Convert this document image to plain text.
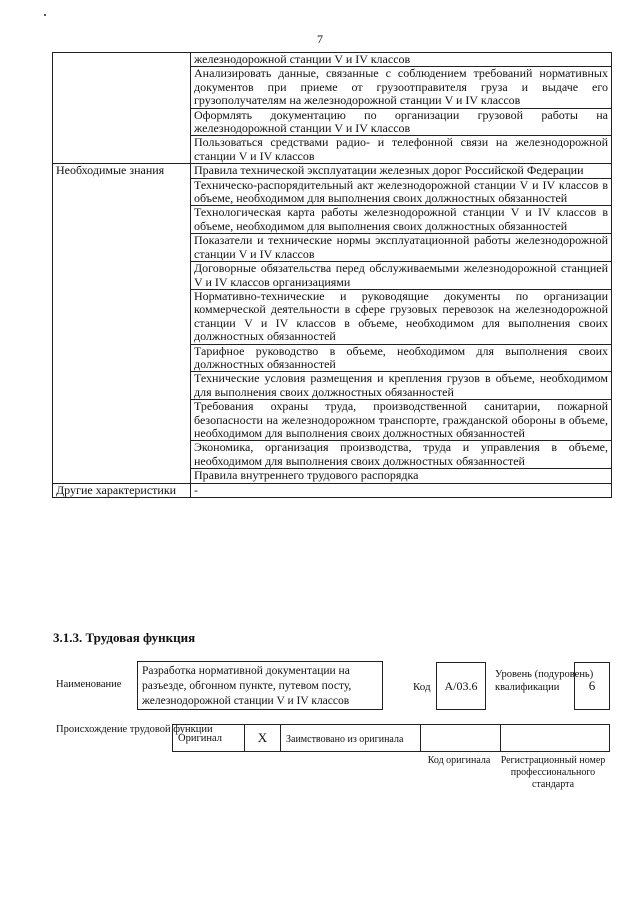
7
	железнодорожной станции V и IV классов
	Анализировать данные, связанные с соблюдением требований нормативных документов при приеме от грузоотправителя груза и выдаче его грузополучателям на железнодорожной станции V и IV классов
	Оформлять документацию по организации грузовой работы на железнодорожной станции V и IV классов
	Пользоваться средствами радио- и телефонной связи на железнодорожной станции V и IV классов
Необходимые знания	Правила технической эксплуатации железных дорог Российской Федерации
	Техническо-распорядительный акт железнодорожной станции V и IV классов в объеме, необходимом для выполнения своих должностных обязанностей
	Технологическая карта работы железнодорожной станции V и IV классов в объеме, необходимом для выполнения своих должностных обязанностей
	Показатели и технические нормы эксплуатационной работы железнодорожной станции V и IV классов
	Договорные обязательства перед обслуживаемыми железнодорожной станцией V и IV классов организациями
	Нормативно-технические и руководящие документы по организации коммерческой деятельности в сфере грузовых перевозок на железнодорожной станции V и IV классов в объеме, необходимом для выполнения своих должностных обязанностей
	Тарифное руководство в объеме, необходимом для выполнения своих должностных обязанностей
	Технические условия размещения и крепления грузов в объеме, необходимом для выполнения своих должностных обязанностей
	Требования охраны труда, производственной санитарии, пожарной безопасности на железнодорожном транспорте, гражданской обороны в объеме, необходимом для выполнения своих должностных обязанностей
	Экономика, организация производства, труда и управления в объеме, необходимом для выполнения своих должностных обязанностей
	Правила внутреннего трудового распорядка
Другие характеристики	-
3.1.3. Трудовая функция
Наименование
Разработка нормативной документации на разъезде, обгонном пункте, путевом посту, железнодорожной станции V и IV классов
Код	А/03.6
Уровень (подуровень) квалификации	6
Происхождение трудовой функции
Оригинал	X	Заимствовано из оригинала		
Код оригинала	Регистрационный номер профессионального стандарта
